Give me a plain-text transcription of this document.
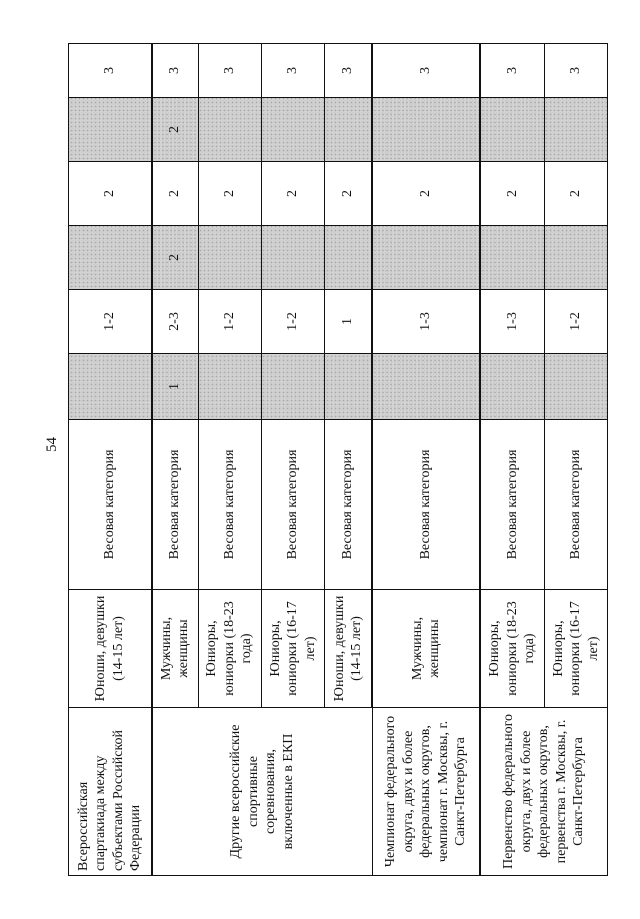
54
Всероссийская спартакиада между субъектами Российской Федерации	Юноши, девушки (14-15 лет)	Весовая категория		1-2		2		3
Другие всероссийские спортивные соревнования, включенные в ЕКП	Мужчины, женщины	Весовая категория	1	2-3	2	2	2	3
	Юниоры, юниорки (18-23 года)	Весовая категория		1-2		2		3
	Юниоры, юниорки (16-17 лет)	Весовая категория		1-2		2		3
	Юноши, девушки (14-15 лет)	Весовая категория		1		2		3
Чемпионат федерального округа, двух и более федеральных округов, чемпионат г. Москвы, г. Санкт-Петербурга	Мужчины, женщины	Весовая категория		1-3		2		3
Первенство федерального округа, двух и более федеральных округов, первенства г. Москвы, г. Санкт-Петербурга	Юниоры, юниорки (18-23 года)	Весовая категория		1-3		2		3
	Юниоры, юниорки (16-17 лет)	Весовая категория		1-2		2		3
